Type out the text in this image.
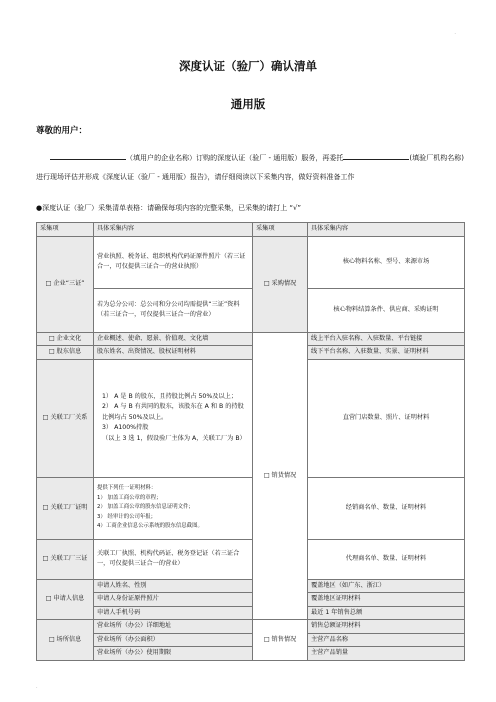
.
深度认证（验厂）确认清单
通用版
尊敬的用户：
（填用户的企业名称）订购的深度认证（验厂 - 通用版）服务，再委托	(填验厂机构名称)进行现场评估并形成《深度认证（验厂 - 通用版）报告》，请仔细阅读以下采集内容，做好资料准备工作
●深度认证（验厂）采集清单表格：请确保每项内容的完整采集，已采集的请打上 “√”
采集项	具体采集内容	采集项	具体采集内容
□ 企业“三证”	营业执照、税务证、组织机构代码证原件照片（若三证合一，可仅提供三证合一的营业执照）	□ 采购情况	核心物料名称、型号、来源市场
	若为总分公司：总公司和分公司均需提供“三证”资料（若三证合一，可仅提供三证合一的营业）		核心物料结算条件、供应商、采购证明
□ 企业文化	企业概述、使命、愿景、价值观、文化墙	□ 销货情况	线上平台入驻名称、入驻数量、平台链接
□ 股东信息	股东姓名、出资情况、股权证明材料		线下平台名称、入驻数量、实景、证明材料
□ 关联工厂关系	1） A 是 B 的股东，且持股比例占 50%及以上；
2） A 与 B 有共同的股东，该股东在 A 和 B 的持股比例均占 50%及以上。
3） A100%持股
（以上 3 选 1，假设验厂主体为 A，关联工厂为 B）		直营门店数量、照片、证明材料
□ 关联工厂证明	提供下列任一证明材料：
1） 加盖工商公章的章程；
2） 加盖工商公章的股东信息证明文件；
3） 经审计的公司年报；
4）工商企业信息公示系统的股东信息截图。		经销商名单、数量、证明材料
□ 关联工厂三证	关联工厂执照、机构代码证、税务登记证（若三证合一，可仅提供三证合一的营业）		代理商名单、数量、证明材料
□ 申请人信息	申请人姓名、性别		覆盖地区（如广东、浙江）
	申请人身份证原件照片		覆盖地区证明材料
	申请人手机号码		最近 1 年销售总额
□ 场所信息	营业场所（办公）详细地址	□ 销售情况	销售总额证明材料
	营业场所（办公面积）		主营产品名称
	营业场所（办公）使用期限		主营产品销量
.
